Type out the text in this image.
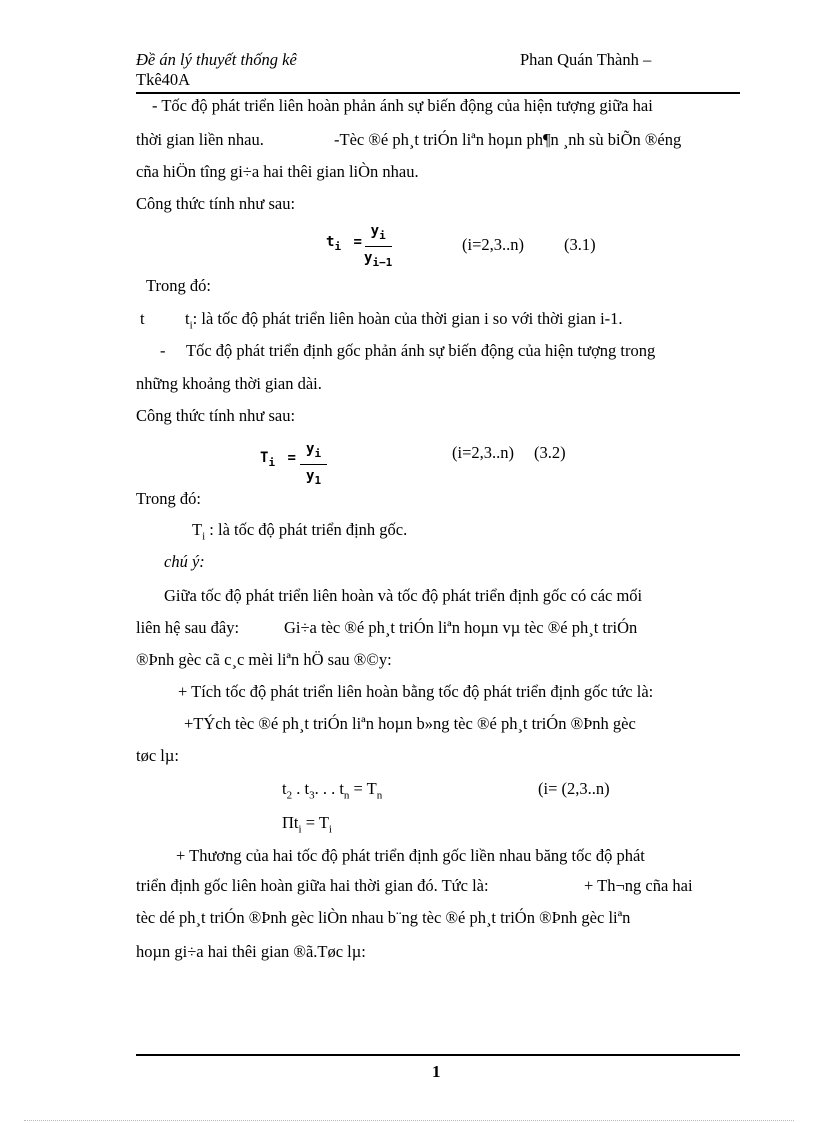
Đề án lý thuyết thống kê
Tkê40A
Phan Quán Thành –
- Tốc độ phát triển liên hoàn phản ánh sự biến động của hiện tượng giữa hai
thời gian liền nhau.	-Tèc ®é ph¸t triÓn liªn hoµn ph¶n ¸nh sù biÕn ®éng
cña hiÖn tîng gi÷a hai thêi gian liÒn nhau.
Công thức tính như sau:
$t_i = \frac{y_i}{y_{i-1}}$	(i=2,3..n) (3.1)
Trong đó:
t $t_i$: là tốc độ phát triển liên hoàn của thời gian i so với thời gian i-1.
- Tốc độ phát triển định gốc phản ánh sự biến động của hiện tượng trong
những khoảng thời gian dài.
Công thức tính như sau:
$T_i = \frac{y_i}{y_1}$	(i=2,3..n) (3.2)
Trong đó:
$T_i$ : là tốc độ phát triển định gốc.
chú ý:
Giữa tốc độ phát triển liên hoàn và tốc độ phát triển định gốc có các mối
liên hệ sau đây:	Gi÷a tèc ®é ph¸t triÓn liªn hoµn vµ tèc ®é ph¸t triÓn
®Þnh gèc cã c¸c mèi liªn hÖ sau ®©y:
+ Tích tốc độ phát triển liên hoàn bằng tốc độ phát triển định gốc tức là:
+TÝch tèc ®é ph¸t triÓn liªn hoµn b»ng tèc ®é ph¸t triÓn ®Þnh gèc
tøc lµ:
$t_2$ . $t_3$. . . $t_n = T_n$	(i= (2,3..n)
$\Pi t_i = T_i$
+ Thương của hai tốc độ phát triển định gốc liền nhau băng tốc độ phát
triển định gốc liên hoàn giữa hai thời gian đó. Tức là:	+ Th¬ng cña hai
tèc dé ph¸t triÓn ®Þnh gèc liÒn nhau b¨ng tèc ®é ph¸t triÓn ®Þnh gèc liªn
hoµn gi÷a hai thêi gian ®ã.Tøc lµ:
1
